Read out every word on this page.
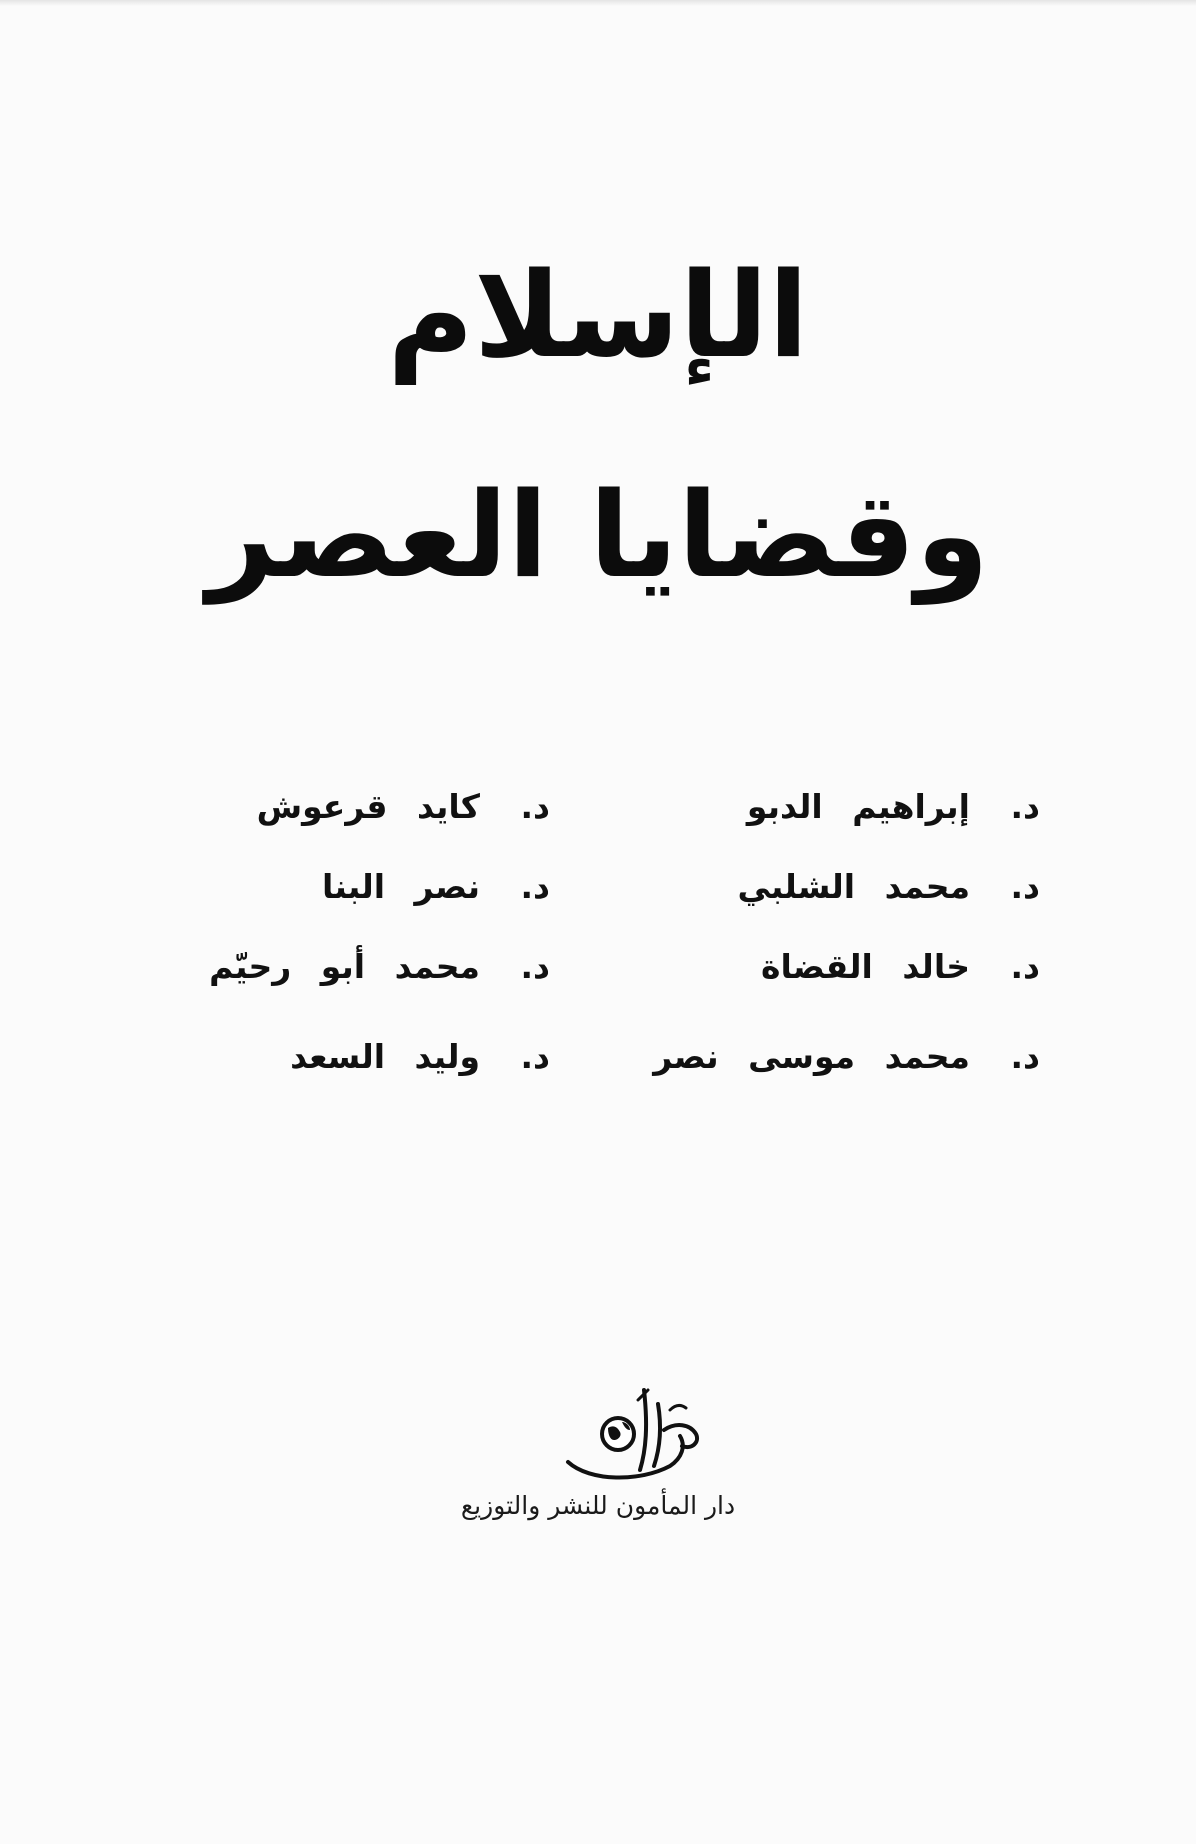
الإسلام
وقضايا العصر
د.إبراهيم الدبو
د.محمد الشلبي
د.خالد القضاة
د.محمد موسى نصر
د.كايد قرعوش
د.نصر البنا
د.محمد أبو رحيّم
د.وليد السعد
دار المأمون للنشر والتوزيع
